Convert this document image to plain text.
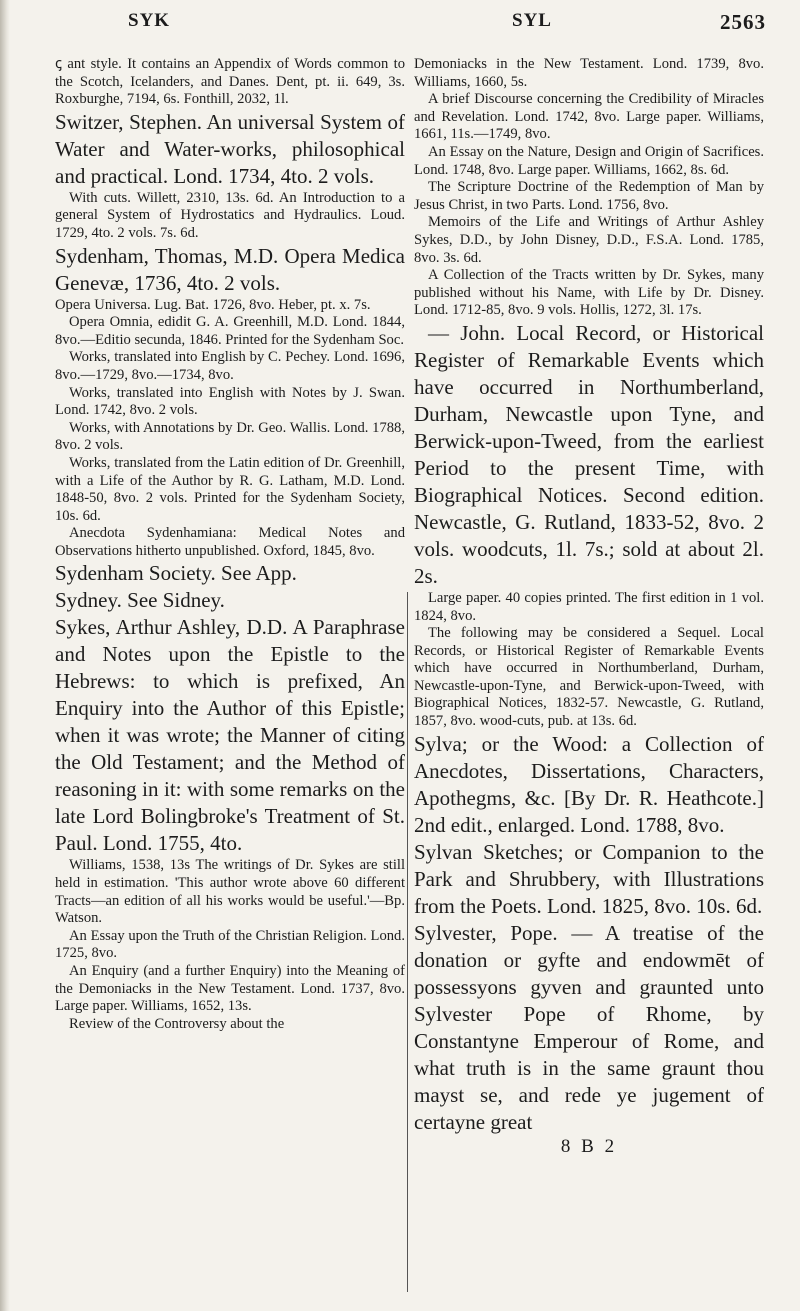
SYK	SYL	2563

ꞔ ant style. It contains an Appendix of Words common to the Scotch, Icelanders, and Danes. Dent, pt. ii. 649, 3s. Roxburghe, 7194, 6s. Fonthill, 2032, 1l.

Switzer, Stephen. An universal System of Water and Water-works, philosophical and practical. Lond. 1734, 4to. 2 vols.

With cuts. Willett, 2310, 13s. 6d. An Introduction to a general System of Hydrostatics and Hydraulics. Loud. 1729, 4to. 2 vols. 7s. 6d.

Sydenham, Thomas, M.D. Opera Medica Genevæ, 1736, 4to. 2 vols.

Opera Universa. Lug. Bat. 1726, 8vo. Heber, pt. x. 7s.

Opera Omnia, edidit G. A. Greenhill, M.D. Lond. 1844, 8vo.—Editio secunda, 1846. Printed for the Sydenham Soc.

Works, translated into English by C. Pechey. Lond. 1696, 8vo.—1729, 8vo.—1734, 8vo.

Works, translated into English with Notes by J. Swan. Lond. 1742, 8vo. 2 vols.

Works, with Annotations by Dr. Geo. Wallis. Lond. 1788, 8vo. 2 vols.

Works, translated from the Latin edition of Dr. Greenhill, with a Life of the Author by R. G. Latham, M.D. Lond. 1848-50, 8vo. 2 vols. Printed for the Sydenham Society, 10s. 6d.

Anecdota Sydenhamiana: Medical Notes and Observations hitherto unpublished. Oxford, 1845, 8vo.

Sydenham Society. See App.

Sydney. See Sidney.

Sykes, Arthur Ashley, D.D. A Paraphrase and Notes upon the Epistle to the Hebrews: to which is prefixed, An Enquiry into the Author of this Epistle; when it was wrote; the Manner of citing the Old Testament; and the Method of reasoning in it: with some remarks on the late Lord Bolingbroke's Treatment of St. Paul. Lond. 1755, 4to.

Williams, 1538, 13s The writings of Dr. Sykes are still held in estimation. 'This author wrote above 60 different Tracts—an edition of all his works would be useful.'—Bp. Watson.

An Essay upon the Truth of the Christian Religion. Lond. 1725, 8vo.

An Enquiry (and a further Enquiry) into the Meaning of the Demoniacks in the New Testament. Lond. 1737, 8vo. Large paper. Williams, 1652, 13s.

Review of the Controversy about the

Demoniacks in the New Testament. Lond. 1739, 8vo. Williams, 1660, 5s.

A brief Discourse concerning the Credibility of Miracles and Revelation. Lond. 1742, 8vo. Large paper. Williams, 1661, 11s.—1749, 8vo.

An Essay on the Nature, Design and Origin of Sacrifices. Lond. 1748, 8vo. Large paper. Williams, 1662, 8s. 6d.

The Scripture Doctrine of the Redemption of Man by Jesus Christ, in two Parts. Lond. 1756, 8vo.

Memoirs of the Life and Writings of Arthur Ashley Sykes, D.D., by John Disney, D.D., F.S.A. Lond. 1785, 8vo. 3s. 6d.

A Collection of the Tracts written by Dr. Sykes, many published without his Name, with Life by Dr. Disney. Lond. 1712-85, 8vo. 9 vols. Hollis, 1272, 3l. 17s.

— John. Local Record, or Historical Register of Remarkable Events which have occurred in Northumberland, Durham, Newcastle upon Tyne, and Berwick-upon-Tweed, from the earliest Period to the present Time, with Biographical Notices. Second edition. Newcastle, G. Rutland, 1833-52, 8vo. 2 vols. woodcuts, 1l. 7s.; sold at about 2l. 2s.

Large paper. 40 copies printed. The first edition in 1 vol. 1824, 8vo.

The following may be considered a Sequel. Local Records, or Historical Register of Remarkable Events which have occurred in Northumberland, Durham, Newcastle-upon-Tyne, and Berwick-upon-Tweed, with Biographical Notices, 1832-57. Newcastle, G. Rutland, 1857, 8vo. wood-cuts, pub. at 13s. 6d.

Sylva; or the Wood: a Collection of Anecdotes, Dissertations, Characters, Apothegms, &c. [By Dr. R. Heathcote.] 2nd edit., enlarged. Lond. 1788, 8vo.

Sylvan Sketches; or Companion to the Park and Shrubbery, with Illustrations from the Poets. Lond. 1825, 8vo. 10s. 6d.

Sylvester, Pope. — A treatise of the donation or gyfte and endowmēt of possessyons gyven and graunted unto Sylvester Pope of Rhome, by Constantyne Emperour of Rome, and what truth is in the same graunt thou mayst se, and rede ye jugement of certayne great

8 B 2
